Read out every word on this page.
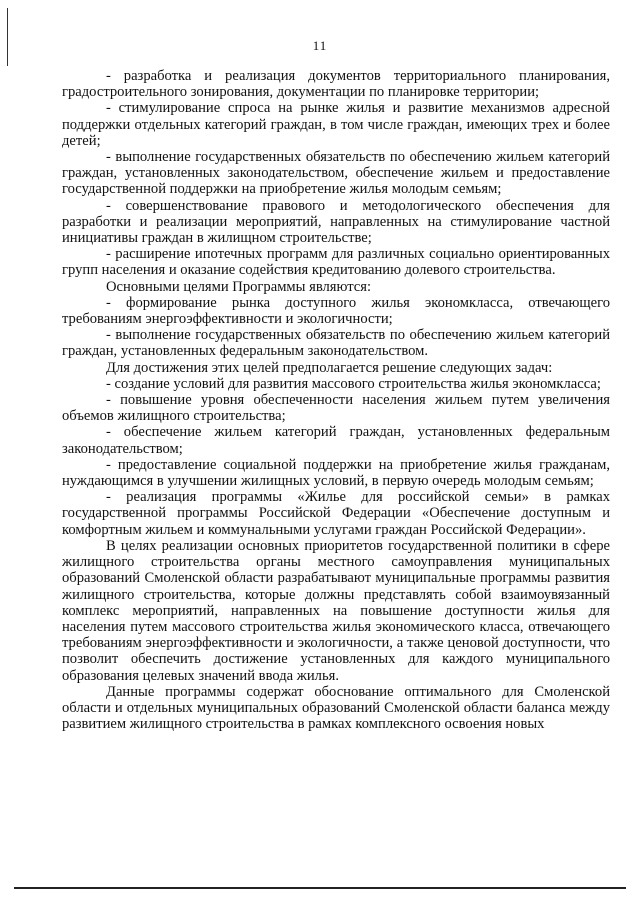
11

- разработка и реализация документов территориального планирования, градостроительного зонирования, документации по планировке территории;

- стимулирование спроса на рынке жилья и развитие механизмов адресной поддержки отдельных категорий граждан, в том числе граждан, имеющих трех и более детей;

- выполнение государственных обязательств по обеспечению жильем категорий граждан, установленных законодательством, обеспечение жильем и предоставление государственной поддержки на приобретение жилья молодым семьям;

- совершенствование правового и методологического обеспечения для разработки и реализации мероприятий, направленных на стимулирование частной инициативы граждан в жилищном строительстве;

- расширение ипотечных программ для различных социально ориентированных групп населения и оказание содействия кредитованию долевого строительства.

Основными целями Программы являются:

- формирование рынка доступного жилья экономкласса, отвечающего требованиям энергоэффективности и экологичности;

- выполнение государственных обязательств по обеспечению жильем категорий граждан, установленных федеральным законодательством.

Для достижения этих целей предполагается решение следующих задач:

- создание условий для развития массового строительства жилья экономкласса;

- повышение уровня обеспеченности населения жильем путем увеличения объемов жилищного строительства;

- обеспечение жильем категорий граждан, установленных федеральным законодательством;

- предоставление социальной поддержки на приобретение жилья гражданам, нуждающимся в улучшении жилищных условий, в первую очередь молодым семьям;

- реализация программы «Жилье для российской семьи» в рамках государственной программы Российской Федерации «Обеспечение доступным и комфортным жильем и коммунальными услугами граждан Российской Федерации».

В целях реализации основных приоритетов государственной политики в сфере жилищного строительства органы местного самоуправления муниципальных образований Смоленской области разрабатывают муниципальные программы развития жилищного строительства, которые должны представлять собой взаимоувязанный комплекс мероприятий, направленных на повышение доступности жилья для населения путем массового строительства жилья экономического класса, отвечающего требованиям энергоэффективности и экологичности, а также ценовой доступности, что позволит обеспечить достижение установленных для каждого муниципального образования целевых значений ввода жилья.

Данные программы содержат обоснование оптимального для Смоленской области и отдельных муниципальных образований Смоленской области баланса между развитием жилищного строительства в рамках комплексного освоения новых
